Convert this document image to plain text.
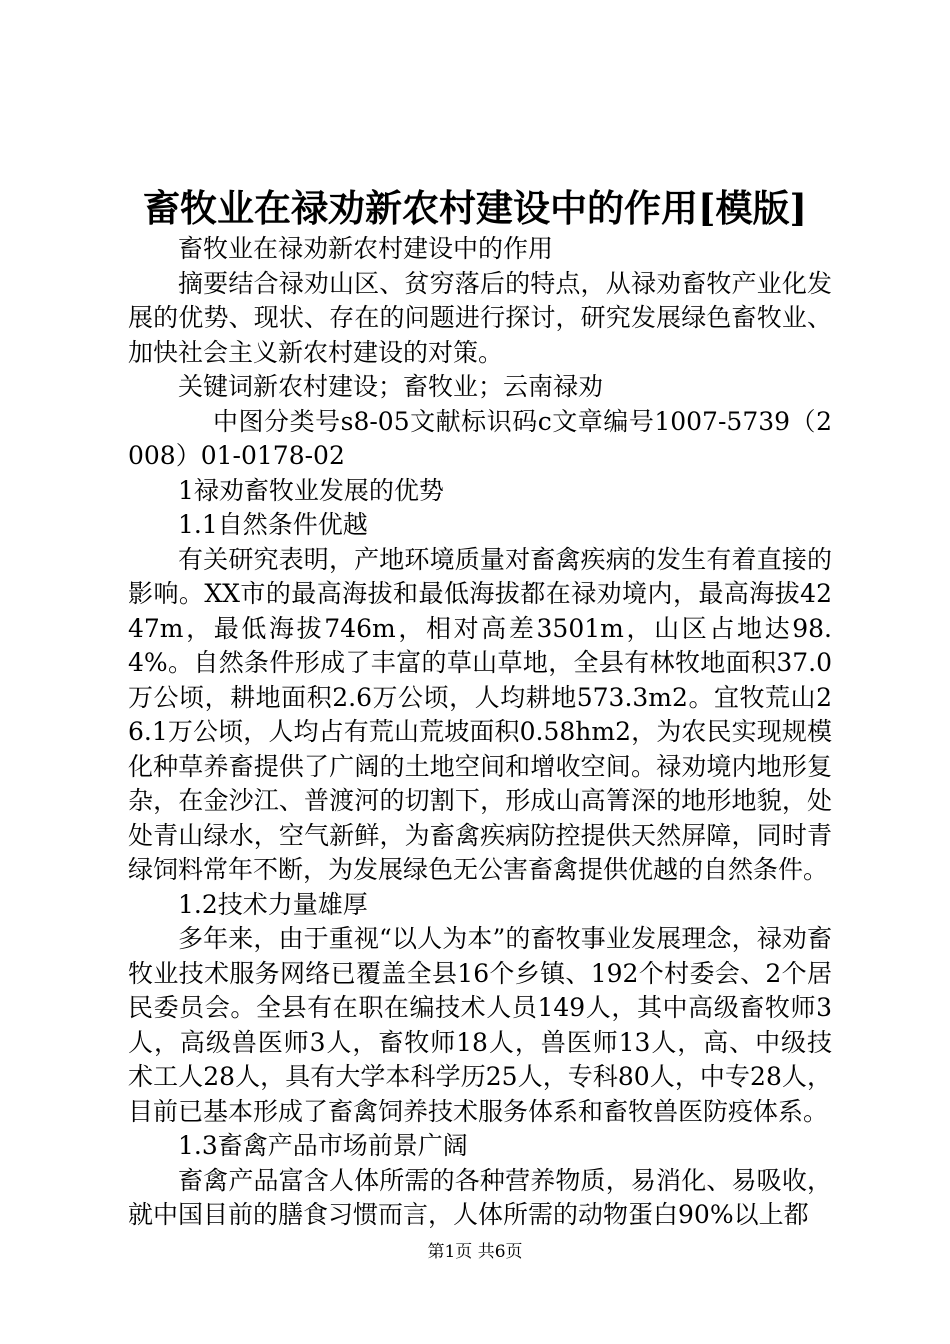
畜牧业在禄劝新农村建设中的作用[模版]

畜牧业在禄劝新农村建设中的作用

摘要结合禄劝山区、贫穷落后的特点，从禄劝畜牧产业化发展的优势、现状、存在的问题进行探讨，研究发展绿色畜牧业、加快社会主义新农村建设的对策。

关键词新农村建设；畜牧业；云南禄劝

中图分类号s8-05文献标识码c文章编号1007-5739（2008）01-0178-02

1禄劝畜牧业发展的优势

1.1自然条件优越

有关研究表明，产地环境质量对畜禽疾病的发生有着直接的影响。XX市的最高海拔和最低海拔都在禄劝境内，最高海拔4247m，最低海拔746m，相对高差3501m，山区占地达98.4%。自然条件形成了丰富的草山草地，全县有林牧地面积37.0万公顷，耕地面积2.6万公顷，人均耕地573.3m2。宜牧荒山26.1万公顷，人均占有荒山荒坡面积0.58hm2，为农民实现规模化种草养畜提供了广阔的土地空间和增收空间。禄劝境内地形复杂，在金沙江、普渡河的切割下，形成山高箐深的地形地貌，处处青山绿水，空气新鲜，为畜禽疾病防控提供天然屏障，同时青绿饲料常年不断，为发展绿色无公害畜禽提供优越的自然条件。

1.2技术力量雄厚

多年来，由于重视“以人为本”的畜牧事业发展理念，禄劝畜牧业技术服务网络已覆盖全县16个乡镇、192个村委会、2个居民委员会。全县有在职在编技术人员149人，其中高级畜牧师3人，高级兽医师3人，畜牧师18人，兽医师13人，高、中级技术工人28人，具有大学本科学历25人，专科80人，中专28人，目前已基本形成了畜禽饲养技术服务体系和畜牧兽医防疫体系。

1.3畜禽产品市场前景广阔

畜禽产品富含人体所需的各种营养物质，易消化、易吸收，就中国目前的膳食习惯而言，人体所需的动物蛋白90%以上都

第1页 共6页
